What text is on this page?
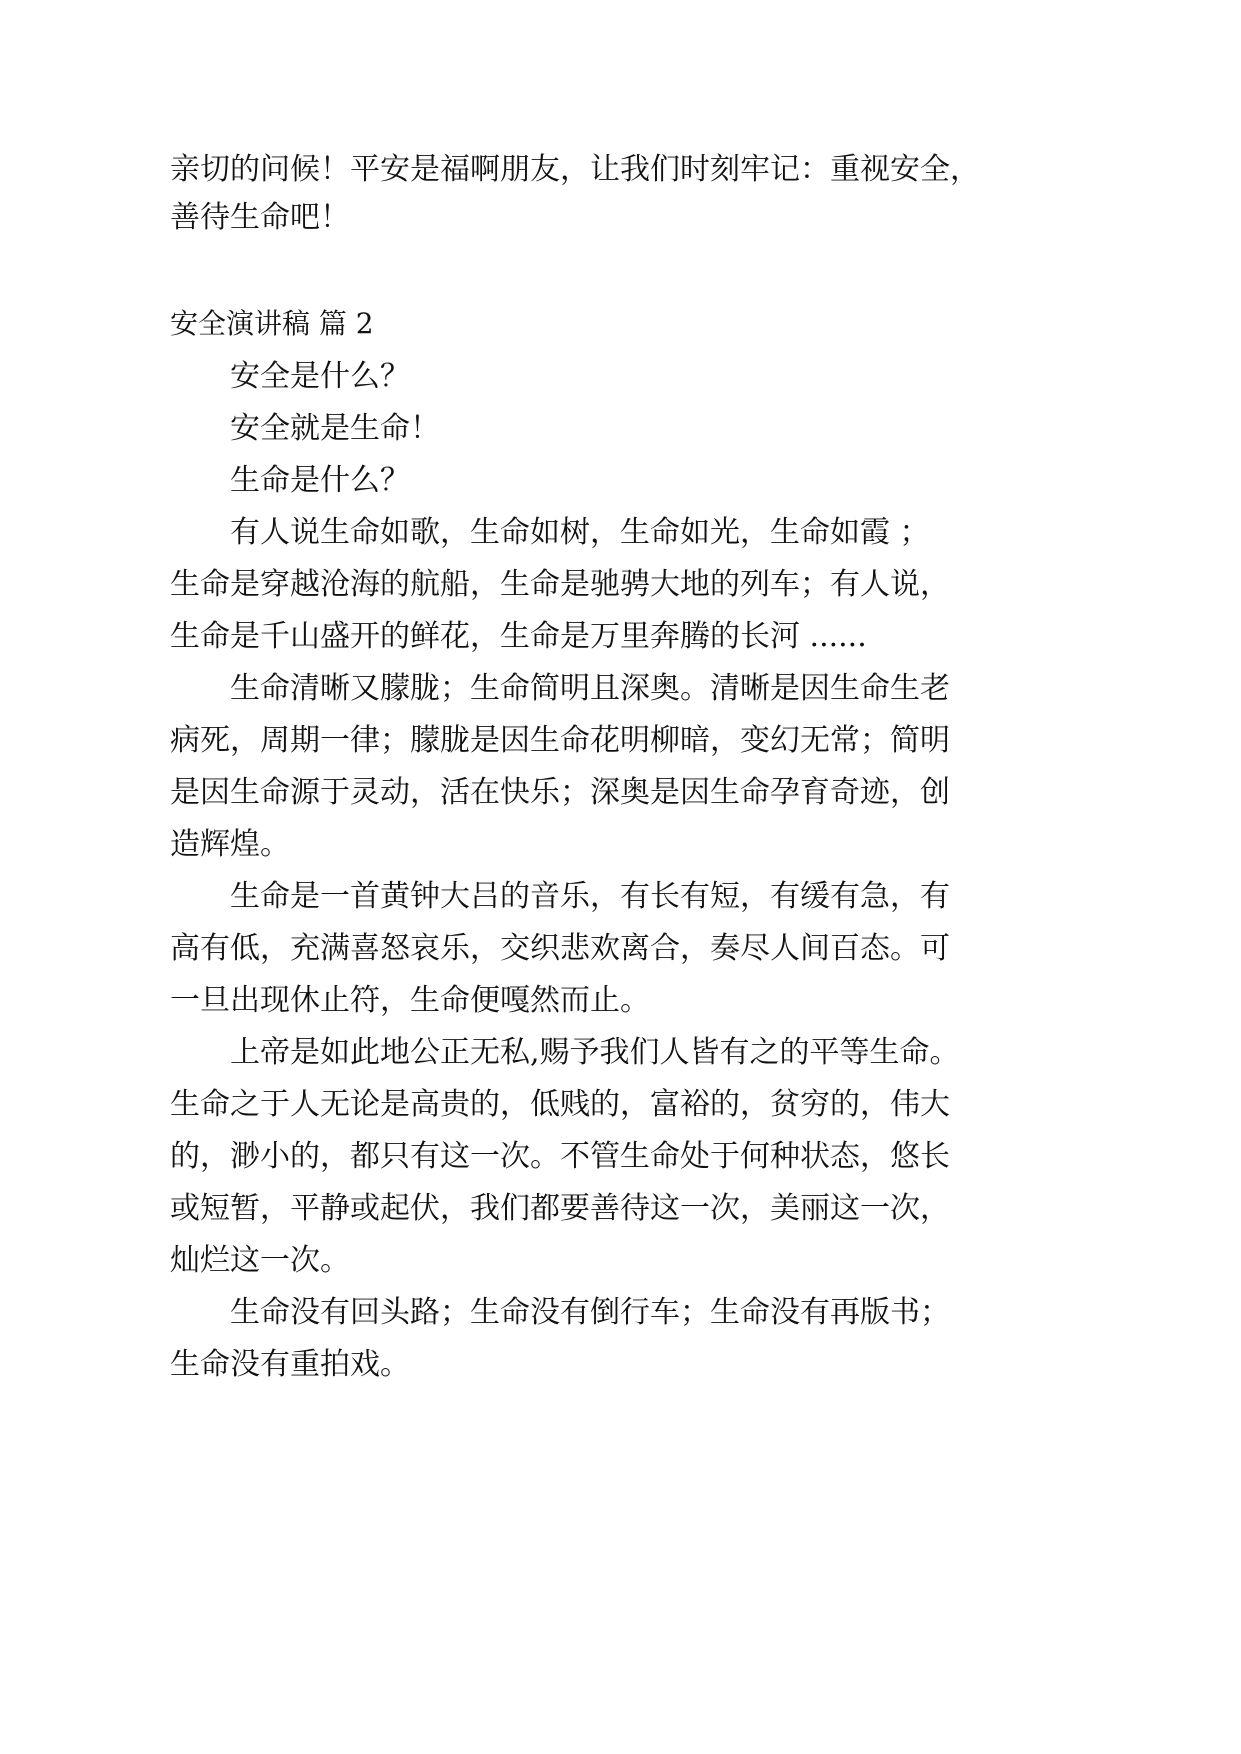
亲切的问候！平安是福啊朋友，让我们时刻牢记：重视安全，
善待生命吧！
安全演讲稿 篇 2
安全是什么？
安全就是生命！
生命是什么？
有人说生命如歌，生命如树，生命如光，生命如霞 ；
生命是穿越沧海的航船，生命是驰骋大地的列车；有人说，
生命是千山盛开的鲜花，生命是万里奔腾的长河 ......
生命清晰又朦胧；生命简明且深奥。清晰是因生命生老
病死，周期一律；朦胧是因生命花明柳暗，变幻无常；简明
是因生命源于灵动，活在快乐；深奥是因生命孕育奇迹，创
造辉煌。
生命是一首黄钟大吕的音乐，有长有短，有缓有急，有
高有低，充满喜怒哀乐，交织悲欢离合，奏尽人间百态。可
一旦出现休止符，生命便嘎然而止。
上帝是如此地公正无私,赐予我们人皆有之的平等生命。
生命之于人无论是高贵的，低贱的，富裕的，贫穷的，伟大
的，渺小的，都只有这一次。不管生命处于何种状态，悠长
或短暂，平静或起伏，我们都要善待这一次，美丽这一次，
灿烂这一次。
生命没有回头路；生命没有倒行车；生命没有再版书；
生命没有重拍戏。
